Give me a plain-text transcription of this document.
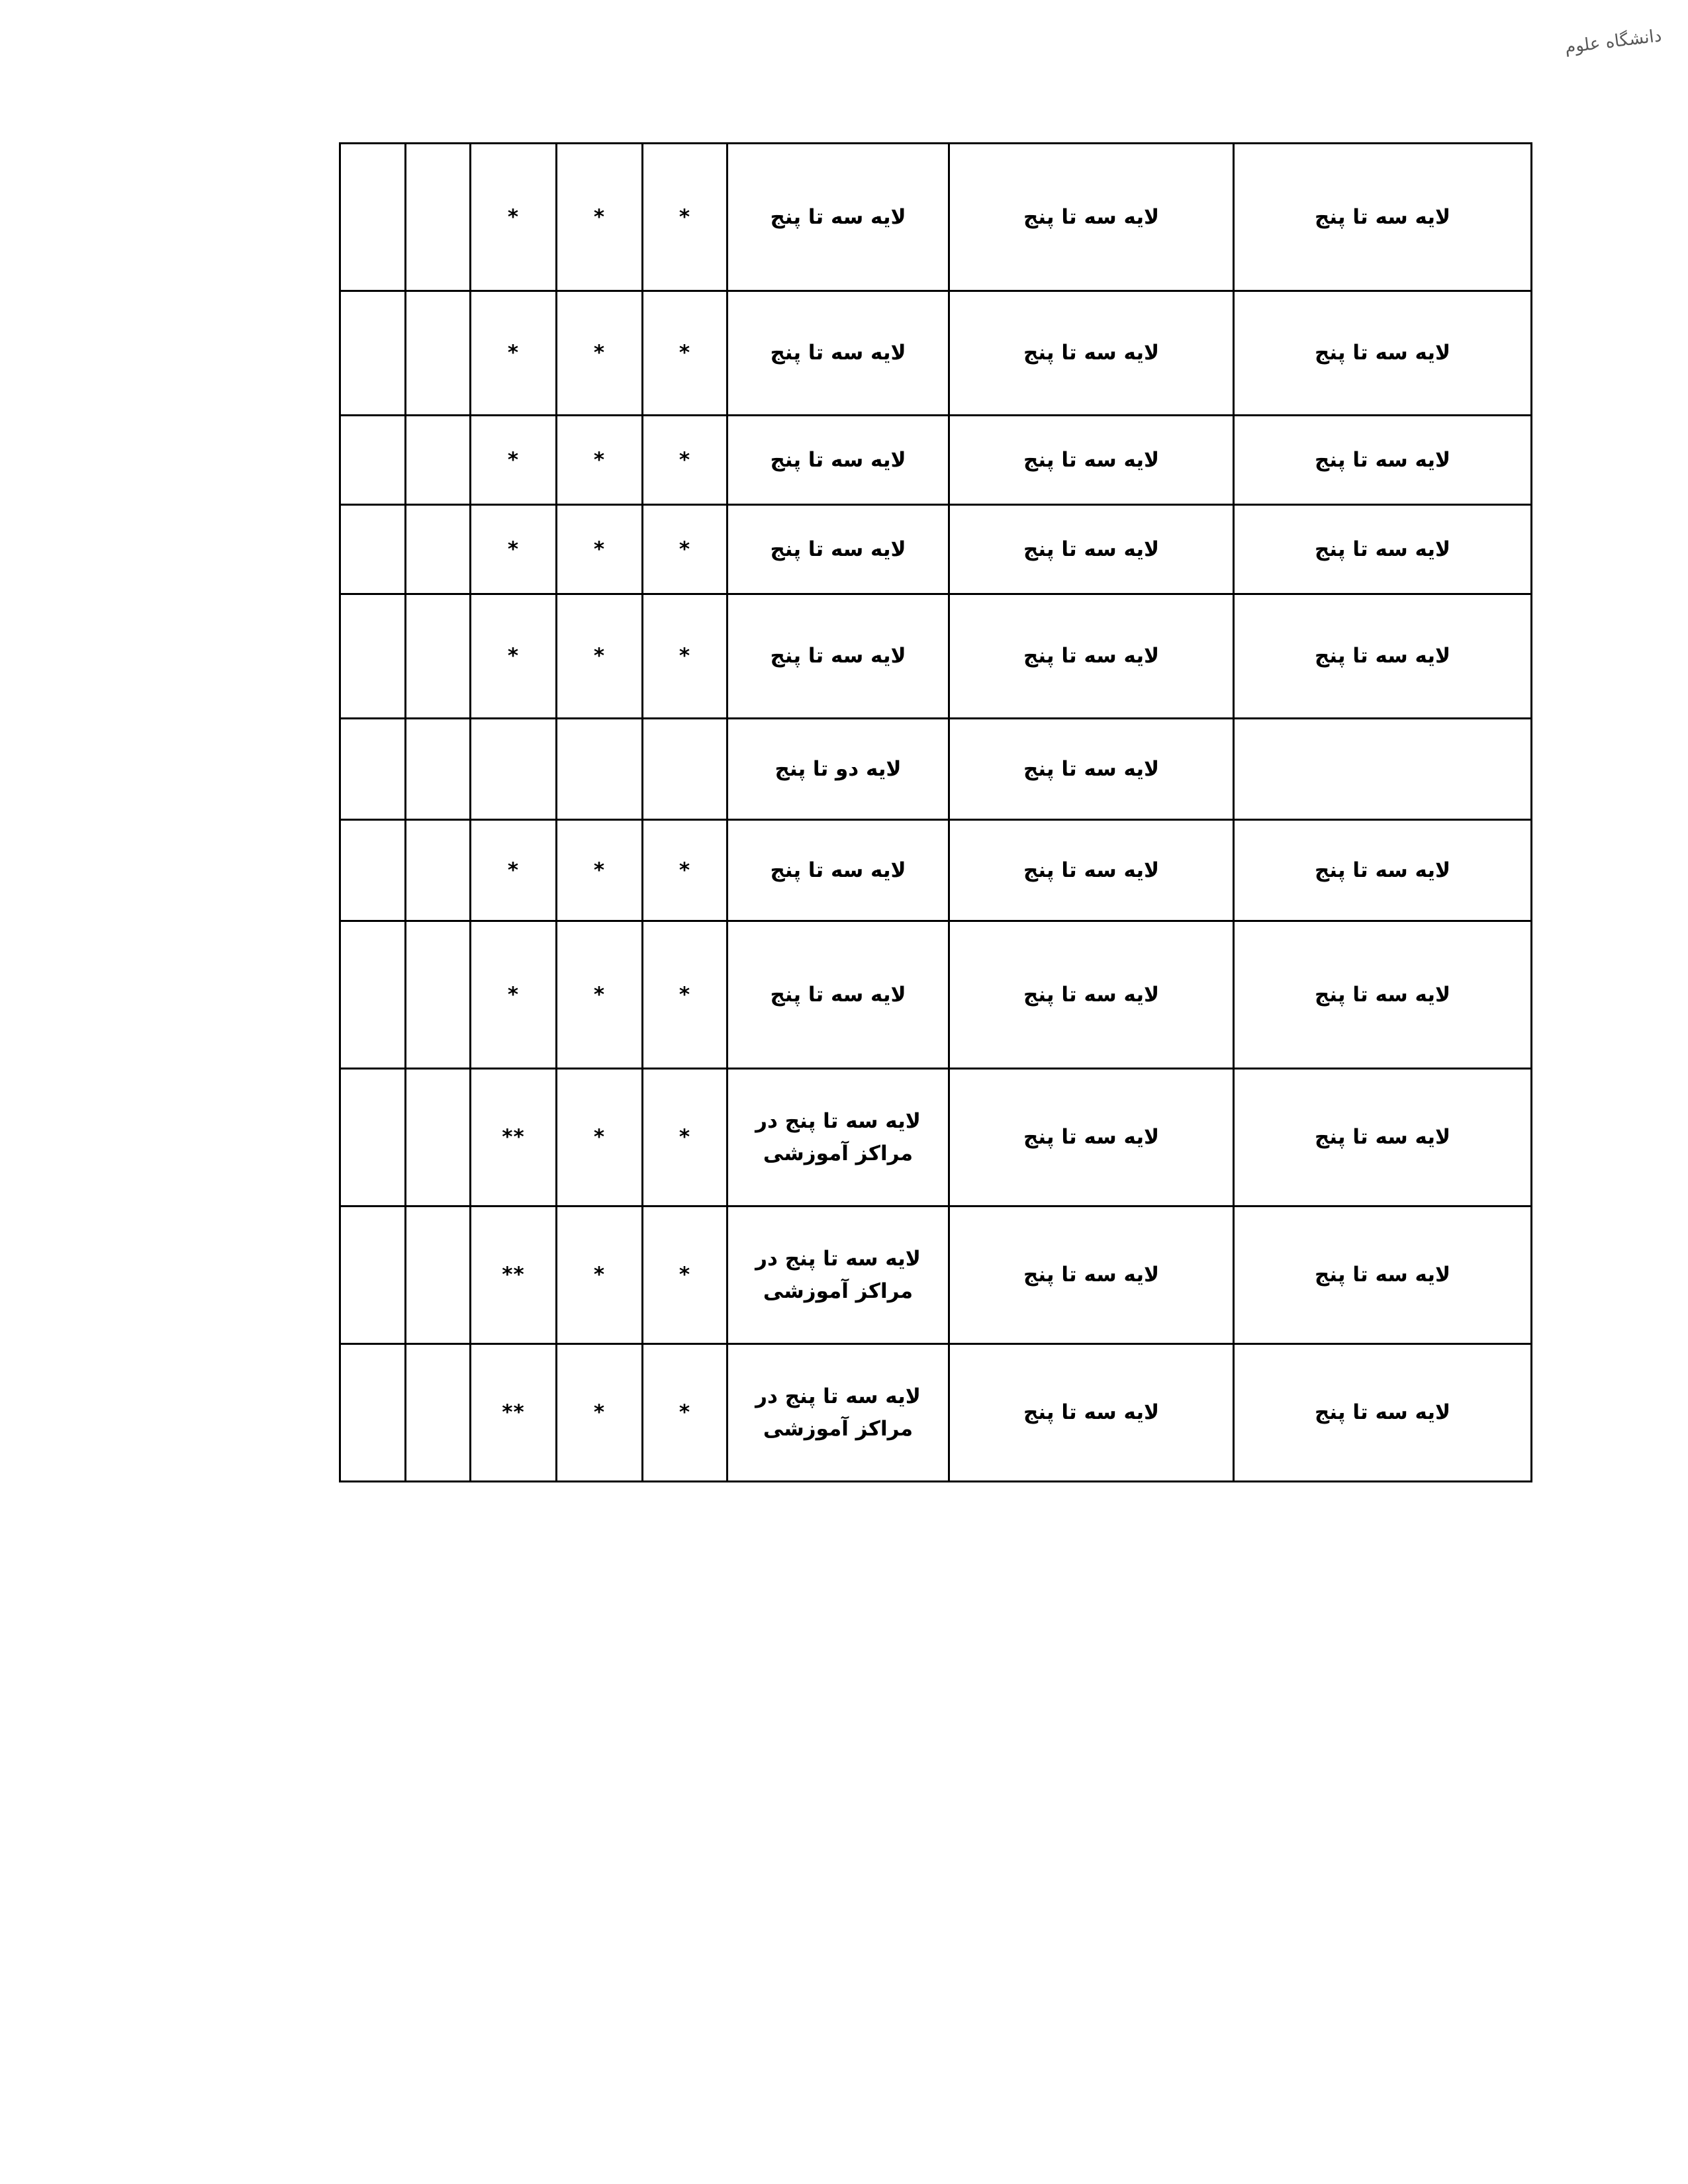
دانشگاه علوم
لایه سه تا پنج	لایه سه تا پنج	لایه سه تا پنج	*	*	*		
لایه سه تا پنج	لایه سه تا پنج	لایه سه تا پنج	*	*	*		
لایه سه تا پنج	لایه سه تا پنج	لایه سه تا پنج	*	*	*		
لایه سه تا پنج	لایه سه تا پنج	لایه سه تا پنج	*	*	*		
لایه سه تا پنج	لایه سه تا پنج	لایه سه تا پنج	*	*	*		
	لایه سه تا پنج	لایه دو تا پنج					
لایه سه تا پنج	لایه سه تا پنج	لایه سه تا پنج	*	*	*		
لایه سه تا پنج	لایه سه تا پنج	لایه سه تا پنج	*	*	*		
لایه سه تا پنج	لایه سه تا پنج	لایه سه تا پنج در مراکز آموزشی	*	*	**		
لایه سه تا پنج	لایه سه تا پنج	لایه سه تا پنج در مراکز آموزشی	*	*	**		
لایه سه تا پنج	لایه سه تا پنج	لایه سه تا پنج در مراکز آموزشی	*	*	**		
